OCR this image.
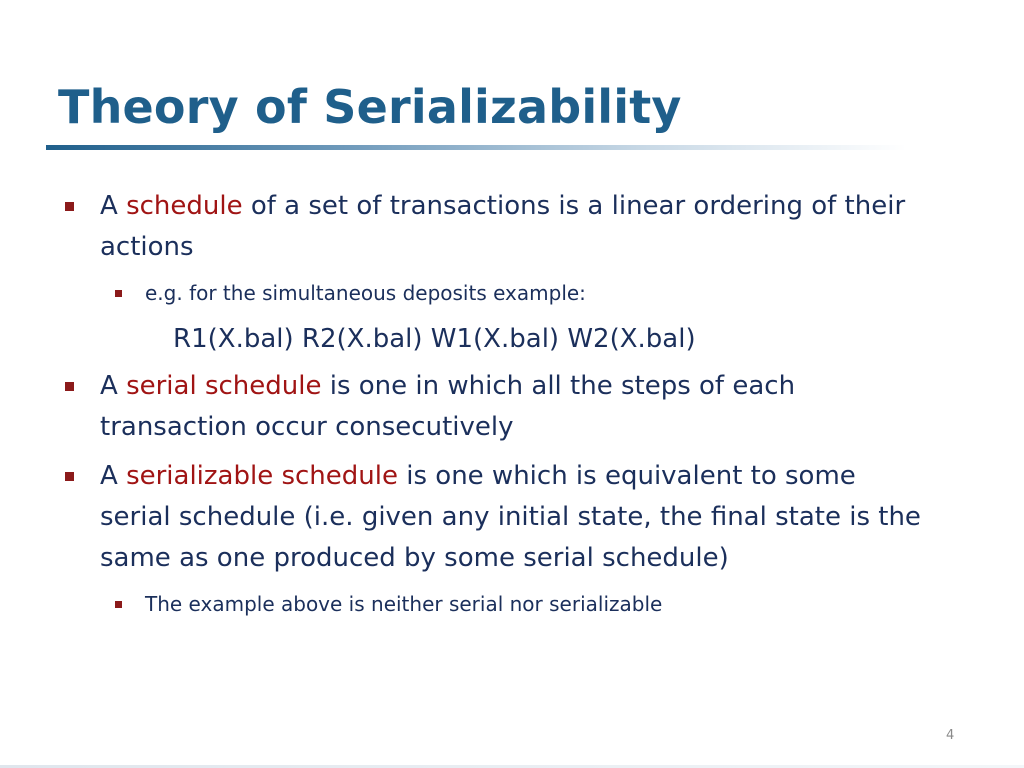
Theory of Serializability
A schedule of a set of transactions is a linear ordering of their
actions
e.g. for the simultaneous deposits example:
R1(X.bal) R2(X.bal) W1(X.bal) W2(X.bal)
A serial schedule is one in which all the steps of each
transaction occur consecutively
A serializable schedule is one which is equivalent to some
serial schedule (i.e. given any initial state, the final state is the
same as one produced by some serial schedule)
The example above is neither serial nor serializable
4
